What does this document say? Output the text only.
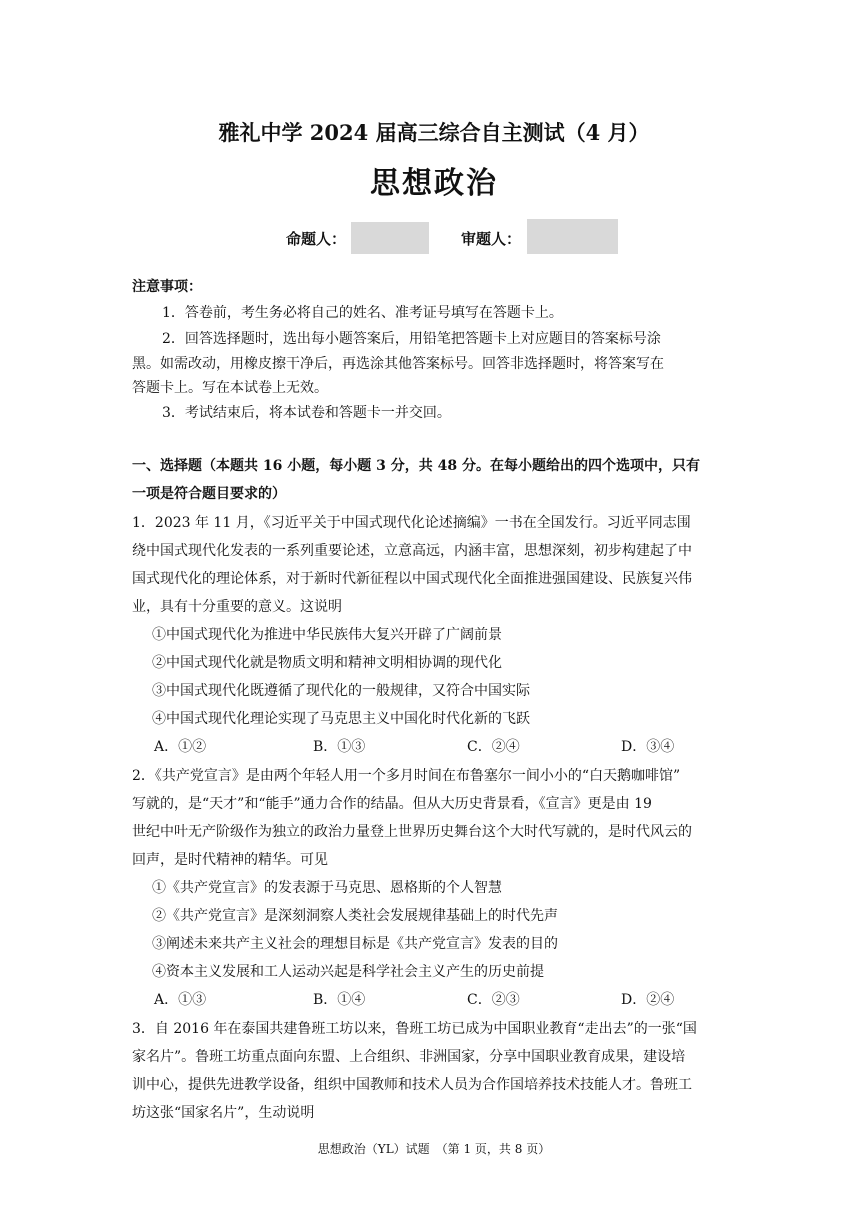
雅礼中学 2024 届高三综合自主测试（4 月）
思想政治
命题人：	审题人：
注意事项：
1．答卷前，考生务必将自己的姓名、准考证号填写在答题卡上。
2．回答选择题时，选出每小题答案后，用铅笔把答题卡上对应题目的答案标号涂
黑。如需改动，用橡皮擦干净后，再选涂其他答案标号。回答非选择题时，将答案写在
答题卡上。写在本试卷上无效。
3．考试结束后，将本试卷和答题卡一并交回。
一、选择题（本题共 16 小题，每小题 3 分，共 48 分。在每小题给出的四个选项中，只有
一项是符合题目要求的）
1．2023 年 11 月，《习近平关于中国式现代化论述摘编》一书在全国发行。习近平同志围
绕中国式现代化发表的一系列重要论述，立意高远，内涵丰富，思想深刻，初步构建起了中
国式现代化的理论体系，对于新时代新征程以中国式现代化全面推进强国建设、民族复兴伟
业，具有十分重要的意义。这说明
①中国式现代化为推进中华民族伟大复兴开辟了广阔前景
②中国式现代化就是物质文明和精神文明相协调的现代化
③中国式现代化既遵循了现代化的一般规律，又符合中国实际
④中国式现代化理论实现了马克思主义中国化时代化新的飞跃
A．①②	B．①③	C．②④	D．③④
2．《共产党宣言》是由两个年轻人用一个多月时间在布鲁塞尔一间小小的“白天鹅咖啡馆”
写就的，是“天才”和“能手”通力合作的结晶。但从大历史背景看，《宣言》更是由 19
世纪中叶无产阶级作为独立的政治力量登上世界历史舞台这个大时代写就的，是时代风云的
回声，是时代精神的精华。可见
①《共产党宣言》的发表源于马克思、恩格斯的个人智慧
②《共产党宣言》是深刻洞察人类社会发展规律基础上的时代先声
③阐述未来共产主义社会的理想目标是《共产党宣言》发表的目的
④资本主义发展和工人运动兴起是科学社会主义产生的历史前提
A．①③	B．①④	C．②③	D．②④
3．自 2016 年在泰国共建鲁班工坊以来，鲁班工坊已成为中国职业教育“走出去”的一张“国
家名片”。鲁班工坊重点面向东盟、上合组织、非洲国家，分享中国职业教育成果，建设培
训中心，提供先进教学设备，组织中国教师和技术人员为合作国培养技术技能人才。鲁班工
坊这张“国家名片”，生动说明
思想政治（YL）试题　（第 1 页，共 8 页）
